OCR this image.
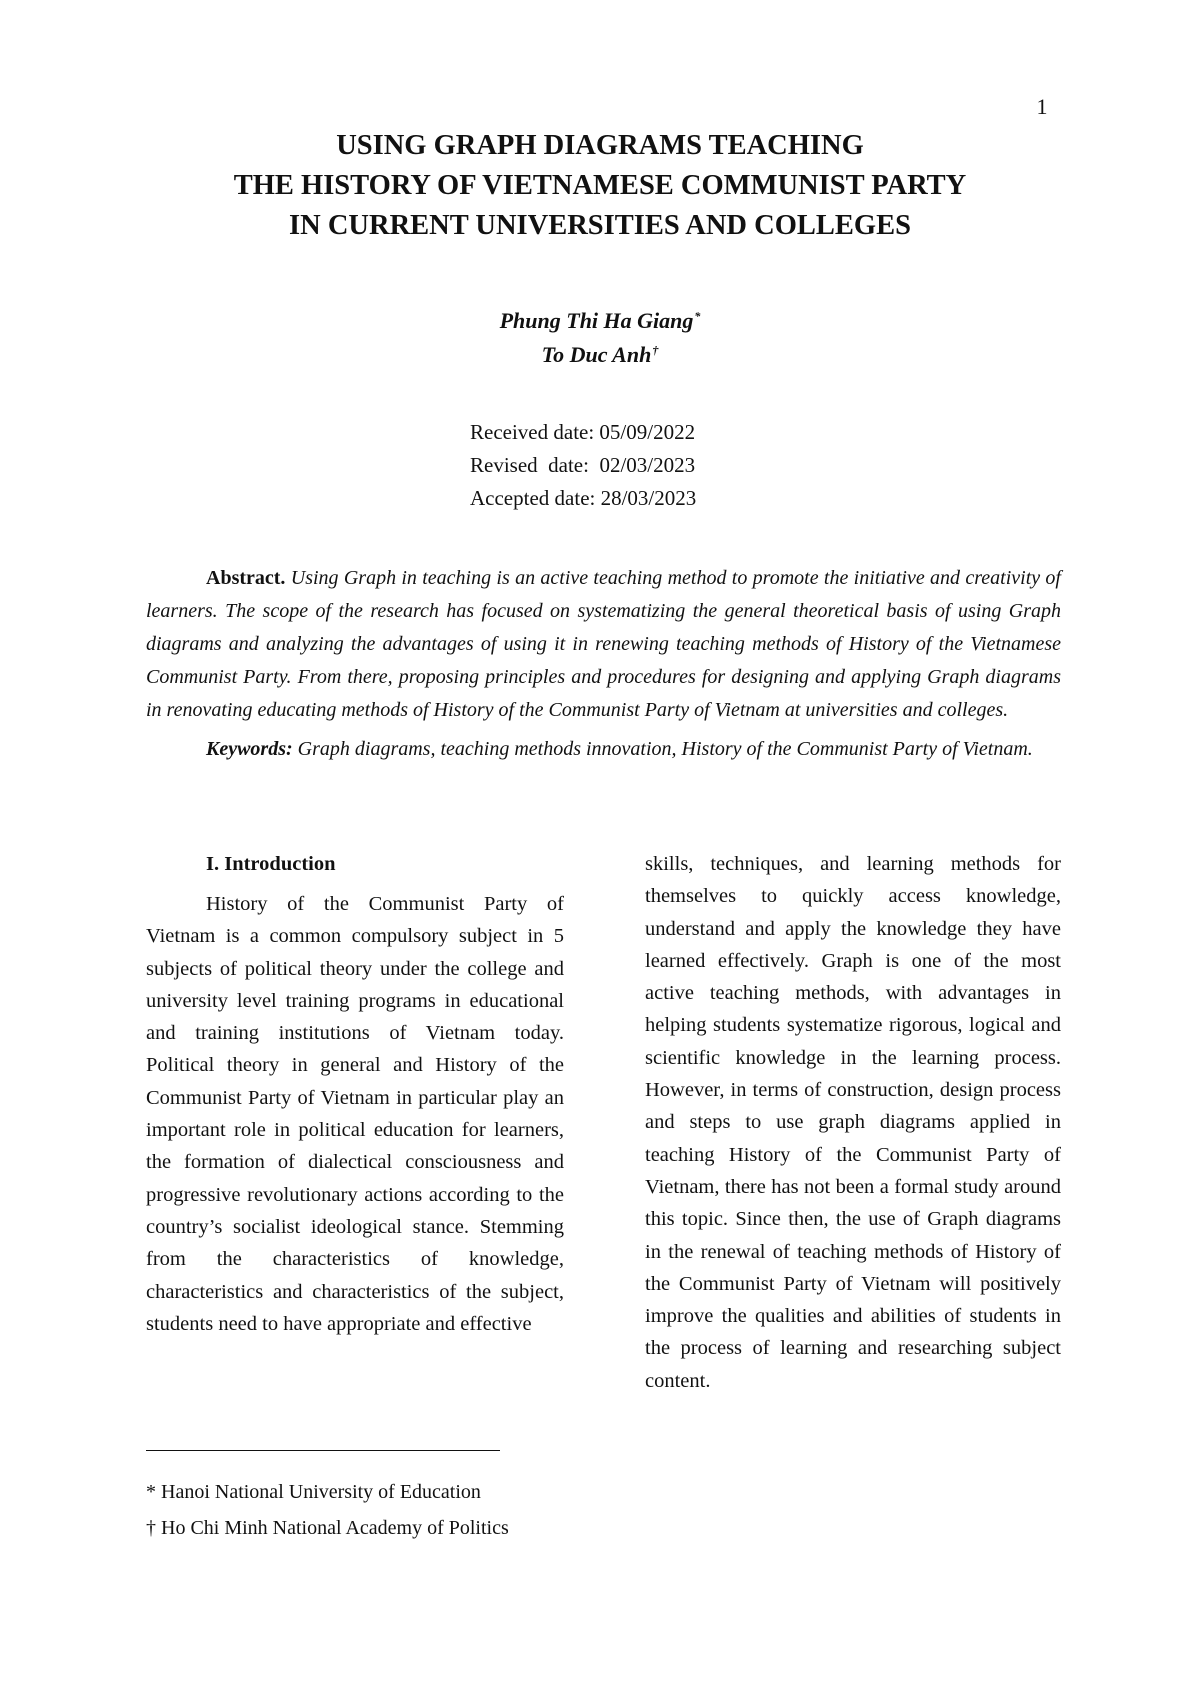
1
USING GRAPH DIAGRAMS TEACHING
THE HISTORY OF VIETNAMESE COMMUNIST PARTY
IN CURRENT UNIVERSITIES AND COLLEGES
Phung Thi Ha Giang*
To Duc Anh†
Received date: 05/09/2022
Revised  date:  02/03/2023
Accepted date: 28/03/2023

Abstract. Using Graph in teaching is an active teaching method to promote the initiative and creativity of learners. The scope of the research has focused on systematizing the general theoretical basis of using Graph diagrams and analyzing the advantages of using it in renewing teaching methods of History of the Vietnamese Communist Party. From there, proposing principles and procedures for designing and applying Graph diagrams in renovating educating methods of History of the Communist Party of Vietnam at universities and colleges.

Keywords: Graph diagrams, teaching methods innovation, History of the Communist Party of Vietnam.

I. Introduction

History of the Communist Party of Vietnam is a common compulsory subject in 5 subjects of political theory under the college and university level training programs in educational and training institutions of Vietnam today. Political theory in general and History of the Communist Party of Vietnam in particular play an important role in political education for learners, the formation of dialectical consciousness and progressive revolutionary actions according to the country’s socialist ideological stance. Stemming from the characteristics of knowledge, characteristics and characteristics of the subject, students need to have appropriate and effective

skills, techniques, and learning methods for themselves to quickly access knowledge, understand and apply the knowledge they have learned effectively. Graph is one of the most active teaching methods, with advantages in helping students systematize rigorous, logical and scientific knowledge in the learning process. However, in terms of construction, design process and steps to use graph diagrams applied in teaching History of the Communist Party of Vietnam, there has not been a formal study around this topic. Since then, the use of Graph diagrams in the renewal of teaching methods of History of the Communist Party of Vietnam will positively improve the qualities and abilities of students in the process of learning and researching subject content.

* Hanoi National University of Education
† Ho Chi Minh National Academy of Politics
